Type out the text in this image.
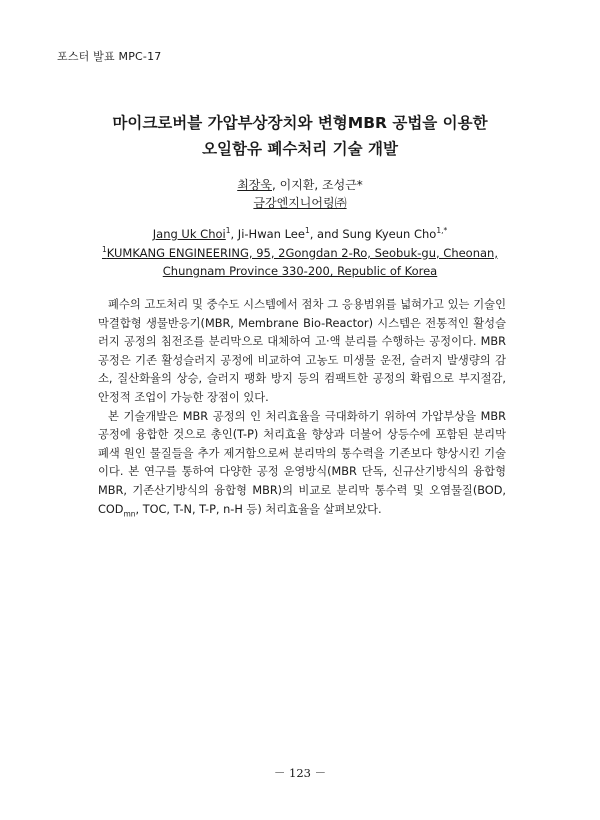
포스터 발표 MPC-17
마이크로버블 가압부상장치와 변형MBR 공법을 이용한
오일함유 폐수처리 기술 개발
최장욱, 이지환, 조성근*
금강엔지니어링㈜
Jang Uk Choi$^1$, Ji-Hwan Lee$^1$, and Sung Kyeun Cho$^{1,*}$
$^1$KUMKANG ENGINEERING, 95, 2Gongdan 2-Ro, Seobuk-gu, Cheonan,
Chungnam Province 330-200, Republic of Korea

폐수의 고도처리 및 중수도 시스템에서 점차 그 응용범위를 넓혀가고 있는 기술인 막결합형 생물반응기(MBR, Membrane Bio-Reactor) 시스템은 전통적인 활성슬러지 공정의 침전조를 분리막으로 대체하여 고·액 분리를 수행하는 공정이다. MBR 공정은 기존 활성슬러지 공정에 비교하여 고농도 미생물 운전, 슬러지 발생량의 감소, 질산화율의 상승, 슬러지 팽화 방지 등의 컴팩트한 공정의 확립으로 부지절감, 안정적 조업이 가능한 장점이 있다.

본 기술개발은 MBR 공정의 인 처리효율을 극대화하기 위하여 가압부상을 MBR 공정에 융합한 것으로 총인(T-P) 처리효율 향상과 더불어 상등수에 포함된 분리막 폐색 원인 물질들을 추가 제거함으로써 분리막의 통수력을 기존보다 향상시킨 기술이다. 본 연구를 통하여 다양한 공정 운영방식(MBR 단독, 신규산기방식의 융합형 MBR, 기존산기방식의 융합형 MBR)의 비교로 분리막 통수력 및 오염물질(BOD, $COD_{mn}$, TOC, T-N, T-P, n-H 등) 처리효율을 살펴보았다.

－ 123 －
